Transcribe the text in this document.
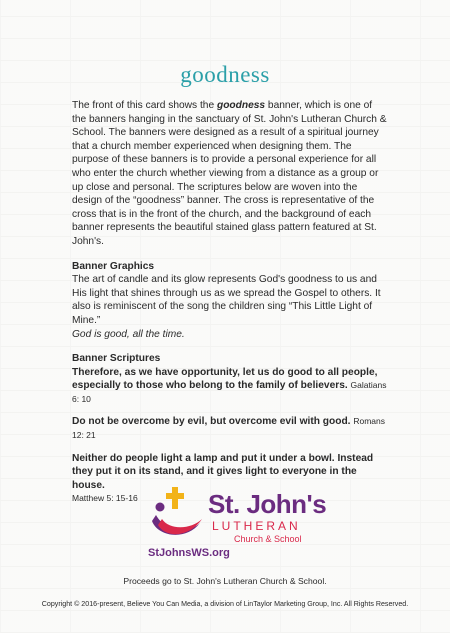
goodness

The front of this card shows the goodness banner, which is one of the banners hanging in the sanctuary of St. John's Lutheran Church & School. The banners were designed as a result of a spiritual journey that a church member experienced when designing them. The purpose of these banners is to provide a personal experience for all who enter the church whether viewing from a distance as a group or up close and personal. The scriptures below are woven into the design of the “goodness” banner. The cross is representative of the cross that is in the front of the church, and the background of each banner represents the beautiful stained glass pattern featured at St. John's.

Banner Graphics

The art of candle and its glow represents God's goodness to us and His light that shines through us as we spread the Gospel to others. It also is reminiscent of the song the children sing “This Little Light of Mine.”
God is good, all the time.

Banner Scriptures

Therefore, as we have opportunity, let us do good to all people, especially to those who belong to the family of believers. Galatians 6: 10

Do not be overcome by evil, but overcome evil with good. Romans 12: 21

Neither do people light a lamp and put it under a bowl. Instead they put it on its stand, and it gives light to everyone in the house.
Matthew 5: 15-16	St. John's
LUTHERAN
Church & School
StJohnsWS.org
Proceeds go to St. John's Lutheran Church & School.
Copyright © 2016-present, Believe You Can Media, a division of LinTaylor Marketing Group, Inc. All Rights Reserved.
